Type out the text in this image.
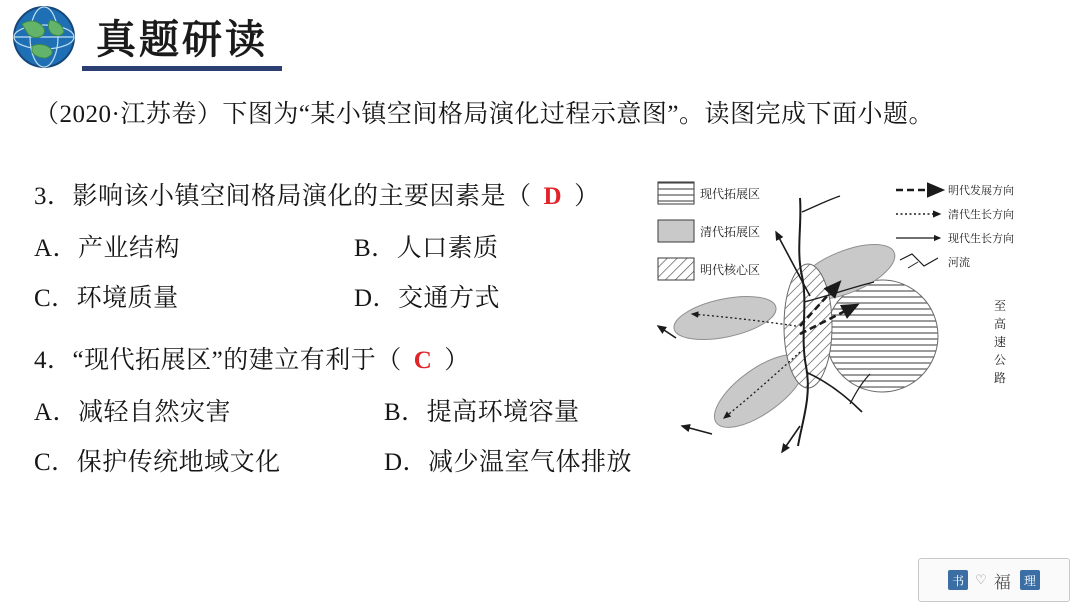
真题研读
（2020·江苏卷）下图为“某小镇空间格局演化过程示意图”。读图完成下面小题。
3．影响该小镇空间格局演化的主要因素是（ D ）
A．产业结构	B．人口素质
C．环境质量	D．交通方式
4．“现代拓展区”的建立有利于（ C ）
A．减轻自然灾害	B．提高环境容量
C．保护传统地域文化	D．减少温室气体排放
现代拓展区
清代拓展区
明代核心区
明代发展方向
清代生长方向
现代生长方向
河流
至
高
速
公
路
书 ♡ 福 理
